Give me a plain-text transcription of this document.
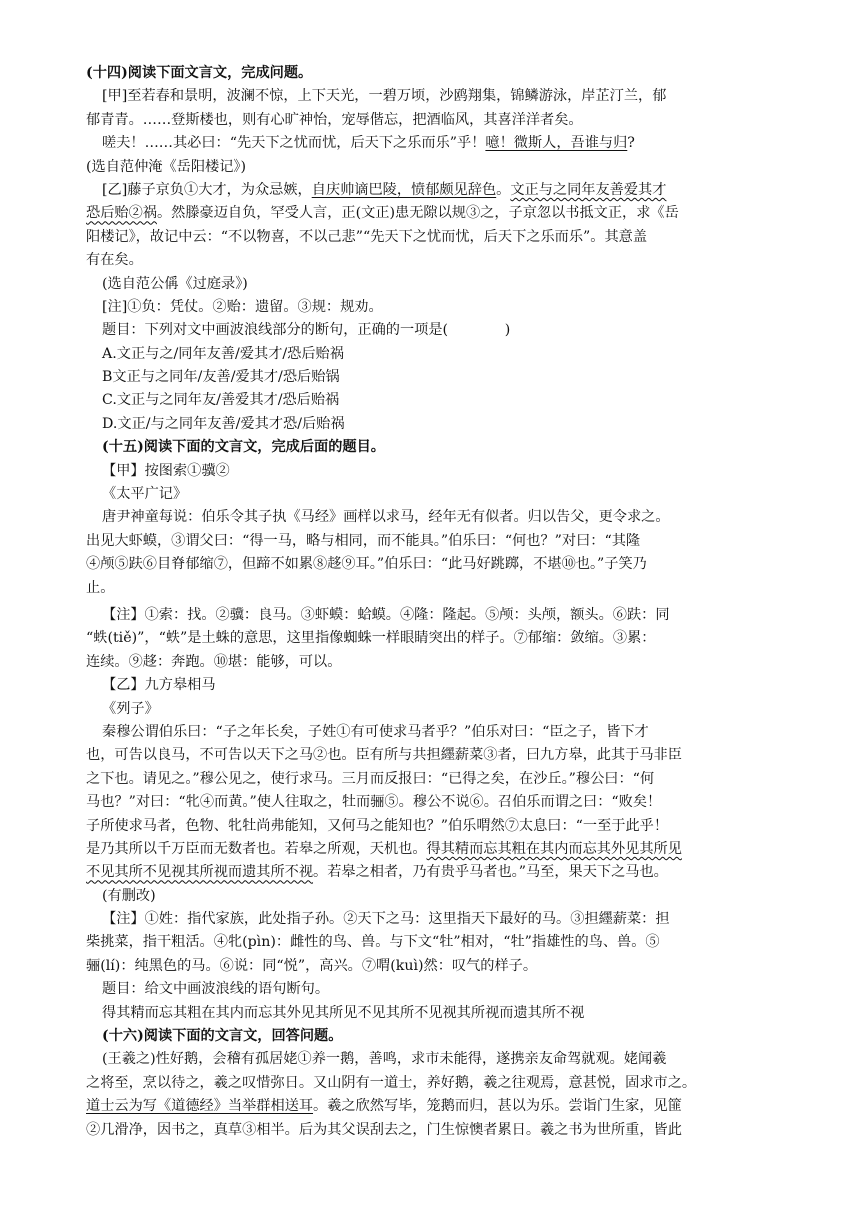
(十四)阅读下面文言文，完成问题。
[甲]至若春和景明，波澜不惊，上下天光，一碧万顷，沙鸥翔集，锦鳞游泳，岸芷汀兰，郁
郁青青。……登斯楼也，则有心旷神怡，宠辱偕忘，把酒临风，其喜洋洋者矣。
嗟夫！……其必曰：“先天下之忧而忧，后天下之乐而乐”乎！噫！微斯人，吾谁与归?
(选自范仲淹《岳阳楼记》)
[乙]藤子京负①大才，为众忌嫉，自庆帅谪巴陵，愤郁颇见辞色。文正与之同年友善爱其才
恐后贻②祸。然滕豪迈自负，罕受人言，正(文正)患无隙以规③之，子京忽以书抵文正，求《岳
阳楼记》，故记中云：“不以物喜，不以己悲”“先天下之忧而忧，后天下之乐而乐”。其意盖
有在矣。
(选自范公偁《过庭录》)
[注]①负：凭仗。②贻：遗留。③规：规劝。
题目：下列对文中画波浪线部分的断句，正确的一项是(　　　　)
A.文正与之/同年友善/爱其才/恐后贻祸
B文正与之同年/友善/爱其才/恐后贻锅
C.文正与之同年友/善爱其才/恐后贻祸
D.文正/与之同年友善/爱其才恐/后贻祸
(十五)阅读下面的文言文，完成后面的题目。
【甲】按图索①骥②
《太平广记》
唐尹神童每说：伯乐令其子执《马经》画样以求马，经年无有似者。归以告父，更令求之。
出见大虾蟆，③谓父曰：“得一马，略与相同，而不能具。”伯乐曰：“何也？”对曰：“其隆
④颅⑤趺⑥目脊郁缩⑦，但蹄不如累⑧趍⑨耳。”伯乐曰：“此马好跳踯，不堪⑩也。”子笑乃
止。
【注】①索：找。②骥：良马。③虾蟆：蛤蟆。④隆：隆起。⑤颅：头颅，额头。⑥趺：同
“蛈(tiě)”，“蛈”是土蛛的意思，这里指像蜘蛛一样眼睛突出的样子。⑦郁缩：敛缩。③累：
连续。⑨趍：奔跑。⑩堪：能够，可以。
【乙】九方皋相马
《列子》
秦穆公谓伯乐曰：“子之年长矣，子姓①有可使求马者乎？”伯乐对曰：“臣之子，皆下才
也，可告以良马，不可告以天下之马②也。臣有所与共担纆薪菜③者，曰九方皋，此其于马非臣
之下也。请见之。”穆公见之，使行求马。三月而反报曰：“已得之矣，在沙丘。”穆公曰：“何
马也？”对曰：“牝④而黄。”使人往取之，牡而骊⑤。穆公不说⑥。召伯乐而谓之曰：“败矣！
子所使求马者，色物、牝牡尚弗能知，又何马之能知也？”伯乐喟然⑦太息曰：“一至于此乎！
是乃其所以千万臣而无数者也。若皋之所观，天机也。得其精而忘其粗在其内而忘其外见其所见
不见其所不见视其所视而遗其所不视。若皋之相者，乃有贵乎马者也。”马至，果天下之马也。
(有删改)
【注】①姓：指代家族，此处指子孙。②天下之马：这里指天下最好的马。③担纆薪菜：担
柴挑菜，指干粗活。④牝(pìn)：雌性的鸟、兽。与下文“牡”相对，“牡”指雄性的鸟、兽。⑤
骊(lí)：纯黑色的马。⑥说：同“悦”，高兴。⑦喟(kuì)然：叹气的样子。
题目：给文中画波浪线的语句断句。
得其精而忘其粗在其内而忘其外见其所见不见其所不见视其所视而遗其所不视
(十六)阅读下面的文言文，回答问题。
(王羲之)性好鹅，会稽有孤居姥①养一鹅，善鸣，求市未能得，遂携亲友命驾就观。姥闻羲
之将至，烹以待之，羲之叹惜弥日。又山阴有一道士，养好鹅，羲之往观焉，意甚悦，固求市之。
道士云为写《道德经》当举群相送耳。羲之欣然写毕，笼鹅而归，甚以为乐。尝诣门生家，见篚
②几滑净，因书之，真草③相半。后为其父误刮去之，门生惊懊者累日。羲之书为世所重，皆此
